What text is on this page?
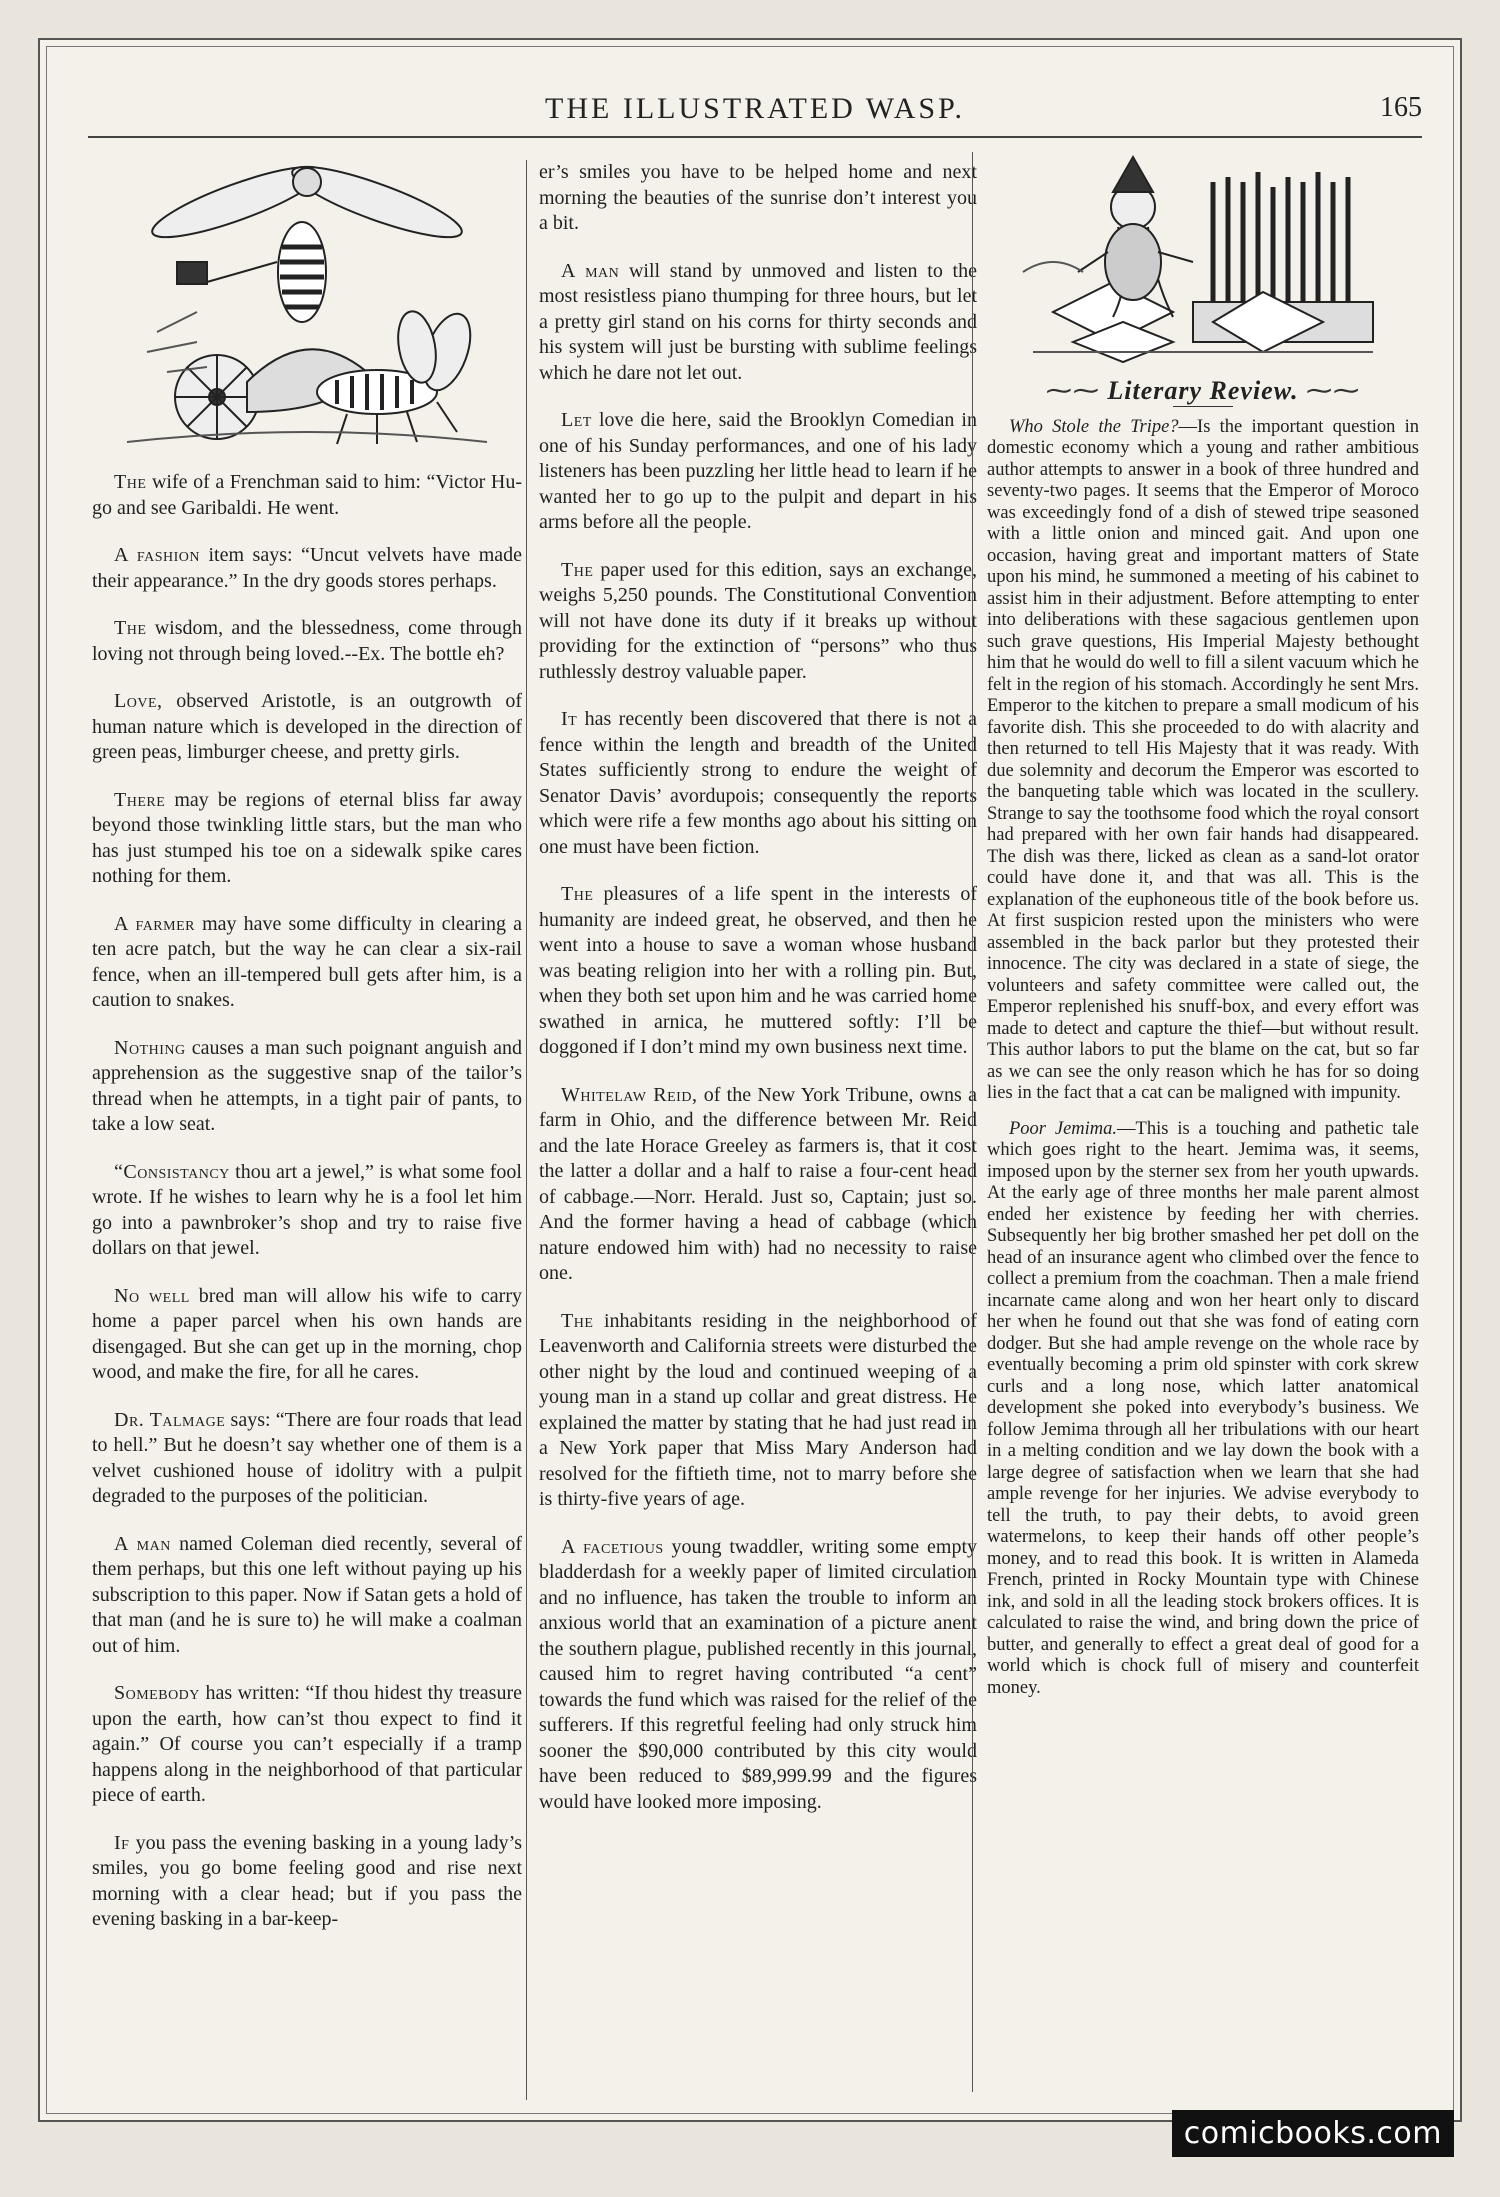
THE ILLUSTRATED WASP.	165

The wife of a Frenchman said to him: “Victor Hu-go and see Garibaldi. He went.

A fashion item says: “Uncut velvets have made their appearance.” In the dry goods stores perhaps.

The wisdom, and the blessedness, come through loving not through being loved.--Ex. The bottle eh?

Love, observed Aristotle, is an outgrowth of human nature which is developed in the direction of green peas, limburger cheese, and pretty girls.

There may be regions of eternal bliss far away beyond those twinkling little stars, but the man who has just stumped his toe on a sidewalk spike cares nothing for them.

A farmer may have some difficulty in clearing a ten acre patch, but the way he can clear a six-rail fence, when an ill-tempered bull gets after him, is a caution to snakes.

Nothing causes a man such poignant anguish and apprehension as the suggestive snap of the tailor’s thread when he attempts, in a tight pair of pants, to take a low seat.

“Consistancy thou art a jewel,” is what some fool wrote. If he wishes to learn why he is a fool let him go into a pawnbroker’s shop and try to raise five dollars on that jewel.

No well bred man will allow his wife to carry home a paper parcel when his own hands are disengaged. But she can get up in the morning, chop wood, and make the fire, for all he cares.

Dr. Talmage says: “There are four roads that lead to hell.” But he doesn’t say whether one of them is a velvet cushioned house of idolitry with a pulpit degraded to the purposes of the politician.

A man named Coleman died recently, several of them perhaps, but this one left without paying up his subscription to this paper. Now if Satan gets a hold of that man (and he is sure to) he will make a coalman out of him.

Somebody has written: “If thou hidest thy treasure upon the earth, how can’st thou expect to find it again.” Of course you can’t especially if a tramp happens along in the neighborhood of that particular piece of earth.

If you pass the evening basking in a young lady’s smiles, you go bome feeling good and rise next morning with a clear head; but if you pass the evening basking in a bar-keep-

er’s smiles you have to be helped home and next morning the beauties of the sunrise don’t interest you a bit.

A man will stand by unmoved and listen to the most resistless piano thumping for three hours, but let a pretty girl stand on his corns for thirty seconds and his system will just be bursting with sublime feelings which he dare not let out.

Let love die here, said the Brooklyn Comedian in one of his Sunday performances, and one of his lady listeners has been puzzling her little head to learn if he wanted her to go up to the pulpit and depart in his arms before all the people.

The paper used for this edition, says an exchange, weighs 5,250 pounds. The Constitutional Convention will not have done its duty if it breaks up without providing for the extinction of “persons” who thus ruthlessly destroy valuable paper.

It has recently been discovered that there is not a fence within the length and breadth of the United States sufficiently strong to endure the weight of Senator Davis’ avordupois; consequently the reports which were rife a few months ago about his sitting on one must have been fiction.

The pleasures of a life spent in the interests of humanity are indeed great, he observed, and then he went into a house to save a woman whose husband was beating religion into her with a rolling pin. But, when they both set upon him and he was carried home swathed in arnica, he muttered softly: I’ll be doggoned if I don’t mind my own business next time.

Whitelaw Reid, of the New York Tribune, owns a farm in Ohio, and the difference between Mr. Reid and the late Horace Greeley as farmers is, that it cost the latter a dollar and a half to raise a four-cent head of cabbage.—Norr. Herald. Just so, Captain; just so. And the former having a head of cabbage (which nature endowed him with) had no necessity to raise one.

The inhabitants residing in the neighborhood of Leavenworth and California streets were disturbed the other night by the loud and continued weeping of a young man in a stand up collar and great distress. He explained the matter by stating that he had just read in a New York paper that Miss Mary Anderson had resolved for the fiftieth time, not to marry before she is thirty-five years of age.

A facetious young twaddler, writing some empty bladderdash for a weekly paper of limited circulation and no influence, has taken the trouble to inform an anxious world that an examination of a picture anent the southern plague, published recently in this journal, caused him to regret having contributed “a cent” towards the fund which was raised for the relief of the sufferers. If this regretful feeling had only struck him sooner the $90,000 contributed by this city would have been reduced to $89,999.99 and the figures would have looked more imposing.

⁓⁓ Literary Review. ⁓⁓

Who Stole the Tripe?—Is the important question in domestic economy which a young and rather ambitious author attempts to answer in a book of three hundred and seventy-two pages. It seems that the Emperor of Moroco was exceedingly fond of a dish of stewed tripe seasoned with a little onion and minced gait. And upon one occasion, having great and important matters of State upon his mind, he summoned a meeting of his cabinet to assist him in their adjustment. Before attempting to enter into deliberations with these sagacious gentlemen upon such grave questions, His Imperial Majesty bethought him that he would do well to fill a silent vacuum which he felt in the region of his stomach. Accordingly he sent Mrs. Emperor to the kitchen to prepare a small modicum of his favorite dish. This she proceeded to do with alacrity and then returned to tell His Majesty that it was ready. With due solemnity and decorum the Emperor was escorted to the banqueting table which was located in the scullery. Strange to say the toothsome food which the royal consort had prepared with her own fair hands had disappeared. The dish was there, licked as clean as a sand-lot orator could have done it, and that was all. This is the explanation of the euphoneous title of the book before us. At first suspicion rested upon the ministers who were assembled in the back parlor but they protested their innocence. The city was declared in a state of siege, the volunteers and safety committee were called out, the Emperor replenished his snuff-box, and every effort was made to detect and capture the thief—but without result. This author labors to put the blame on the cat, but so far as we can see the only reason which he has for so doing lies in the fact that a cat can be maligned with impunity.

Poor Jemima.—This is a touching and pathetic tale which goes right to the heart. Jemima was, it seems, imposed upon by the sterner sex from her youth upwards. At the early age of three months her male parent almost ended her existence by feeding her with cherries. Subsequently her big brother smashed her pet doll on the head of an insurance agent who climbed over the fence to collect a premium from the coachman. Then a male friend incarnate came along and won her heart only to discard her when he found out that she was fond of eating corn dodger. But she had ample revenge on the whole race by eventually becoming a prim old spinster with cork skrew curls and a long nose, which latter anatomical development she poked into everybody’s business. We follow Jemima through all her tribulations with our heart in a melting condition and we lay down the book with a large degree of satisfaction when we learn that she had ample revenge for her injuries. We advise everybody to tell the truth, to pay their debts, to avoid green watermelons, to keep their hands off other people’s money, and to read this book. It is written in Alameda French, printed in Rocky Mountain type with Chinese ink, and sold in all the leading stock brokers offices. It is calculated to raise the wind, and bring down the price of butter, and generally to effect a great deal of good for a world which is chock full of misery and counterfeit money.

comicbooks.com
